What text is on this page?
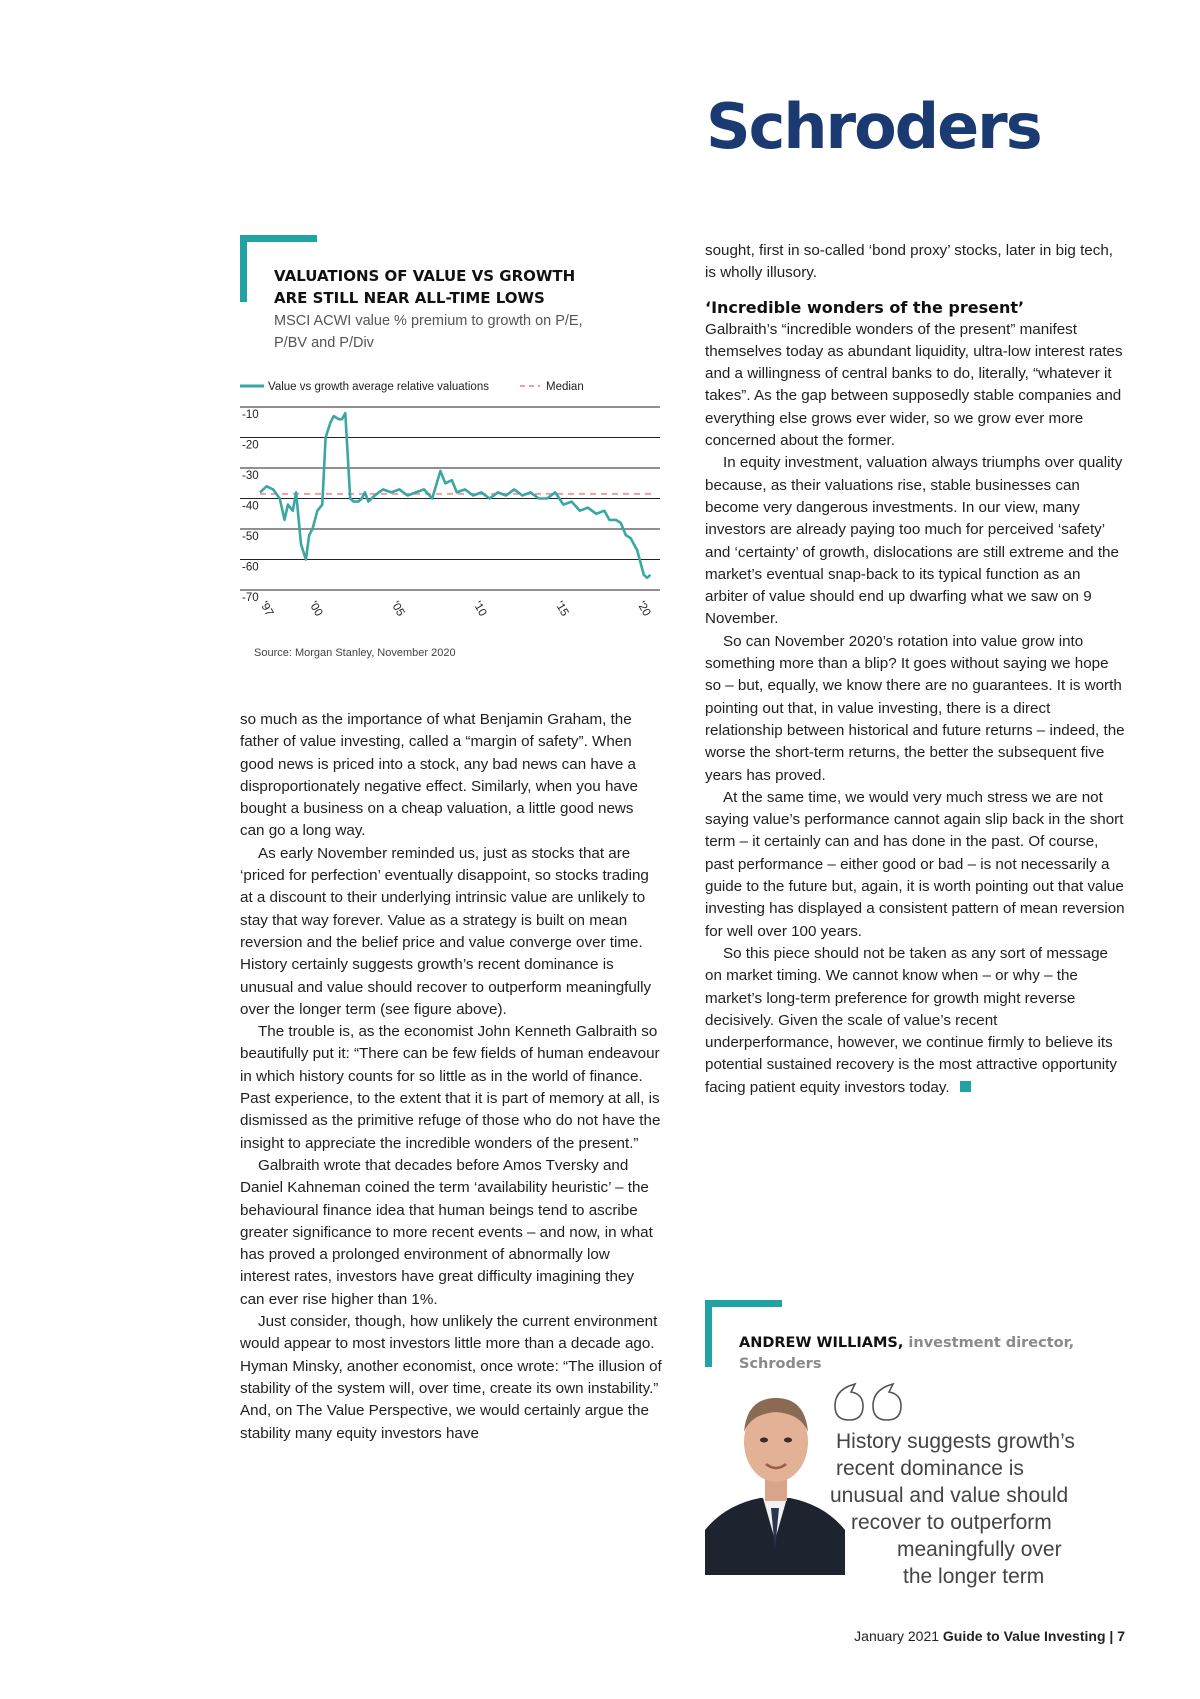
Schroders
VALUATIONS OF VALUE VS GROWTH ARE STILL NEAR ALL-TIME LOWS
MSCI ACWI value % premium to growth on P/E, P/BV and P/Div
Value vs growth average relative valuations	Median
-10
-20
-30
-40
-50
-60
-70
'97	'00	'05	'10	'15	'20
Source: Morgan Stanley, November 2020

so much as the importance of what Benjamin Graham, the father of value investing, called a “margin of safety”. When good news is priced into a stock, any bad news can have a disproportionately negative effect. Similarly, when you have bought a business on a cheap valuation, a little good news can go a long way.

As early November reminded us, just as stocks that are ‘priced for perfection’ eventually disappoint, so stocks trading at a discount to their underlying intrinsic value are unlikely to stay that way forever. Value as a strategy is built on mean reversion and the belief price and value converge over time. History certainly suggests growth’s recent dominance is unusual and value should recover to outperform meaningfully over the longer term (see figure above).

The trouble is, as the economist John Kenneth Galbraith so beautifully put it: “There can be few fields of human endeavour in which history counts for so little as in the world of finance. Past experience, to the extent that it is part of memory at all, is dismissed as the primitive refuge of those who do not have the insight to appreciate the incredible wonders of the present.”

Galbraith wrote that decades before Amos Tversky and Daniel Kahneman coined the term ‘availability heuristic’ – the behavioural finance idea that human beings tend to ascribe greater significance to more recent events – and now, in what has proved a prolonged environment of abnormally low interest rates, investors have great difficulty imagining they can ever rise higher than 1%.

Just consider, though, how unlikely the current environment would appear to most investors little more than a decade ago. Hyman Minsky, another economist, once wrote: “The illusion of stability of the system will, over time, create its own instability.” And, on The Value Perspective, we would certainly argue the stability many equity investors have

sought, first in so-called ‘bond proxy’ stocks, later in big tech, is wholly illusory.

‘Incredible wonders of the present’

Galbraith’s “incredible wonders of the present” manifest themselves today as abundant liquidity, ultra-low interest rates and a willingness of central banks to do, literally, “whatever it takes”. As the gap between supposedly stable companies and everything else grows ever wider, so we grow ever more concerned about the former.

In equity investment, valuation always triumphs over quality because, as their valuations rise, stable businesses can become very dangerous investments. In our view, many investors are already paying too much for perceived ‘safety’ and ‘certainty’ of growth, dislocations are still extreme and the market’s eventual snap-back to its typical function as an arbiter of value should end up dwarfing what we saw on 9 November.

So can November 2020’s rotation into value grow into something more than a blip? It goes without saying we hope so – but, equally, we know there are no guarantees. It is worth pointing out that, in value investing, there is a direct relationship between historical and future returns – indeed, the worse the short-term returns, the better the subsequent five years has proved.

At the same time, we would very much stress we are not saying value’s performance cannot again slip back in the short term – it certainly can and has done in the past. Of course, past performance – either good or bad – is not necessarily a guide to the future but, again, it is worth pointing out that value investing has displayed a consistent pattern of mean reversion for well over 100 years.

So this piece should not be taken as any sort of message on market timing. We cannot know when – or why – the market’s long-term preference for growth might reverse decisively. Given the scale of value’s recent underperformance, however, we continue firmly to believe its potential sustained recovery is the most attractive opportunity facing patient equity investors today.

ANDREW WILLIAMS, investment director, Schroders
History suggests growth’s
recent dominance is
unusual and value should
recover to outperform
meaningfully over
the longer term
January 2021 Guide to Value Investing | 7
